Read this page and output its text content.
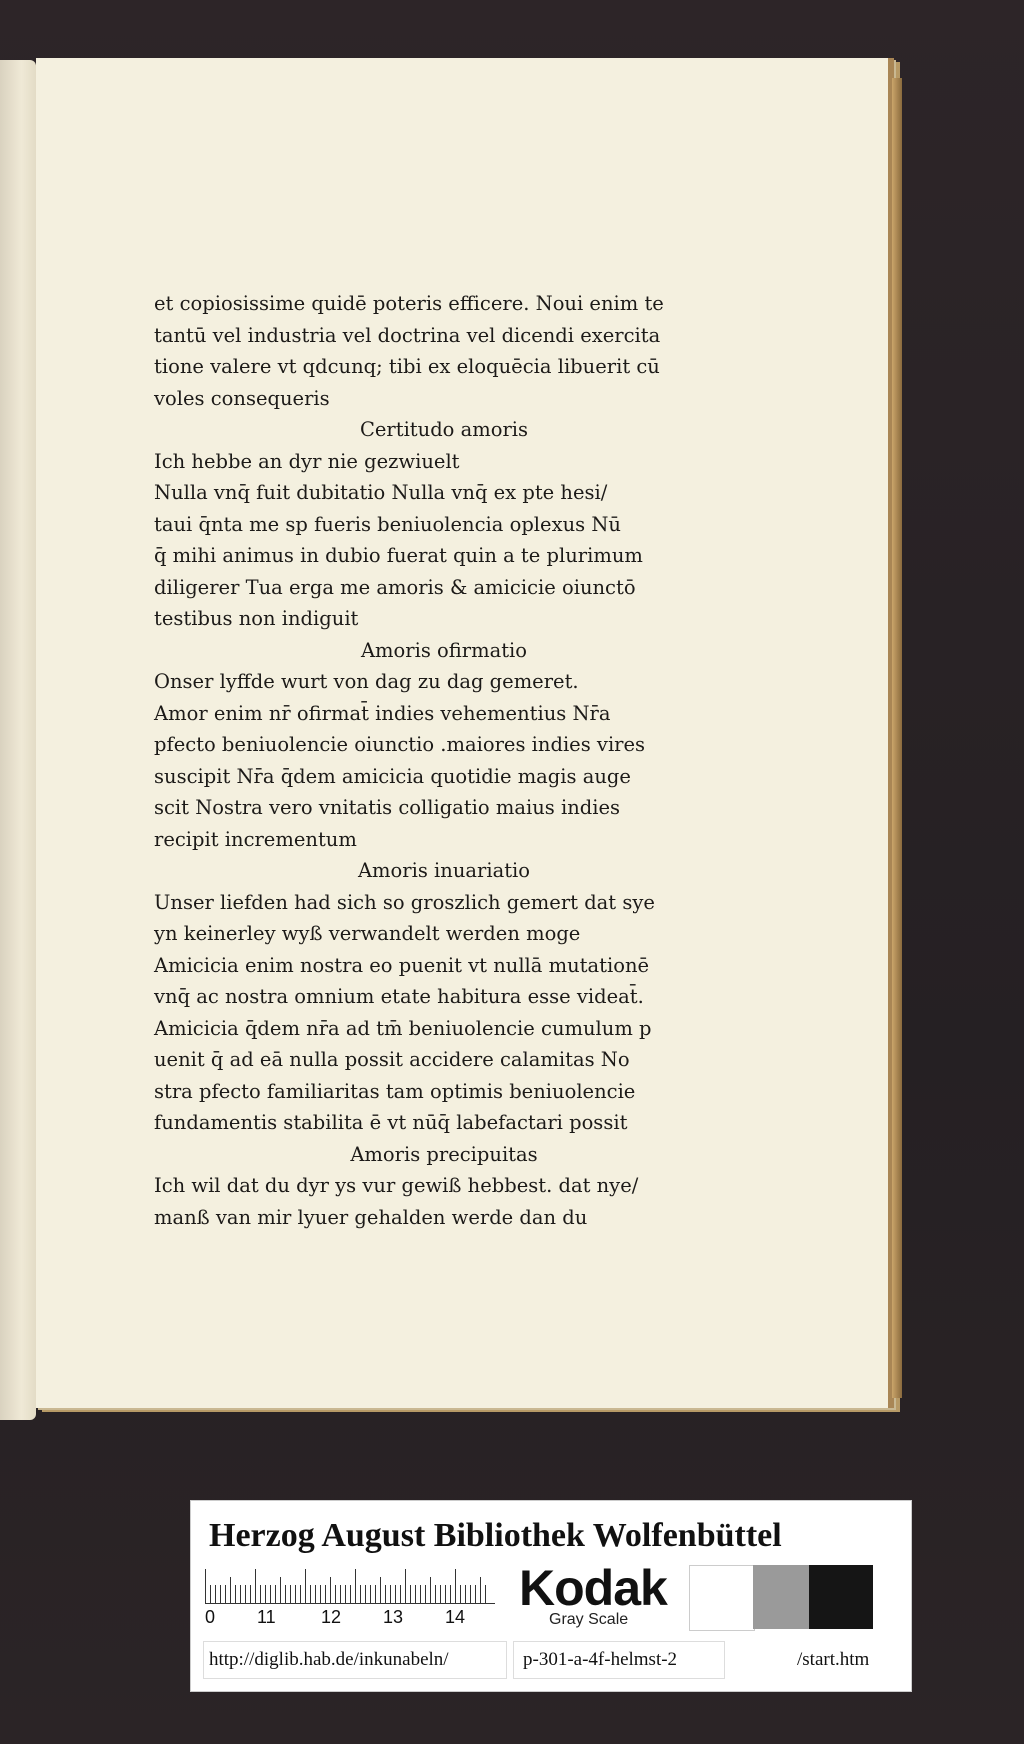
et copiosissime quidē poteris efficere. Noui enim te
tantū vel industria vel doctrina vel dicendi exercita
tione valere vt qdcunq; tibi ex eloquēcia libuerit cū
voles consequeris
Certitudo amoris
Ich hebbe an dyr nie gezwiuelt
Nulla vnq̄ fuit dubitatio Nulla vnq̄ ex pte hesi/
taui q̄nta me sp fueris beniuolencia oplexus Nū
q̄ mihi animus in dubio fuerat quin a te plurimum
diligerer Tua erga me amoris & amicicie oiunctō
testibus non indiguit
Amoris ofirmatio
Onser lyffde wurt von dag zu dag gemeret.
Amor enim nr̄ ofirmat̄ indies vehementius Nr̄a
pfecto beniuolencie oiunctio .maiores indies vires
suscipit Nr̄a q̄dem amicicia quotidie magis auge
scit Nostra vero vnitatis colligatio maius indies
recipit incrementum
Amoris inuariatio
Unser liefden had sich so groszlich gemert dat sye
yn keinerley wyß verwandelt werden moge
Amicicia enim nostra eo puenit vt nullā mutationē
vnq̄ ac nostra omnium etate habitura esse videat̄.
Amicicia q̄dem nr̄a ad tm̄ beniuolencie cumulum p
uenit q̄ ad eā nulla possit accidere calamitas No
stra pfecto familiaritas tam optimis beniuolencie
fundamentis stabilita ē vt nūq̄ labefactari possit
Amoris precipuitas
Ich wil dat du dyr ys vur gewiß hebbest. dat nye/
manß van mir lyuer gehalden werde dan du
Herzog August Bibliothek Wolfenbüttel
0 11	12 13 14
Kodak
Gray Scale
http://diglib.hab.de/inkunabeln/	p-301-a-4f-helmst-2	/start.htm
